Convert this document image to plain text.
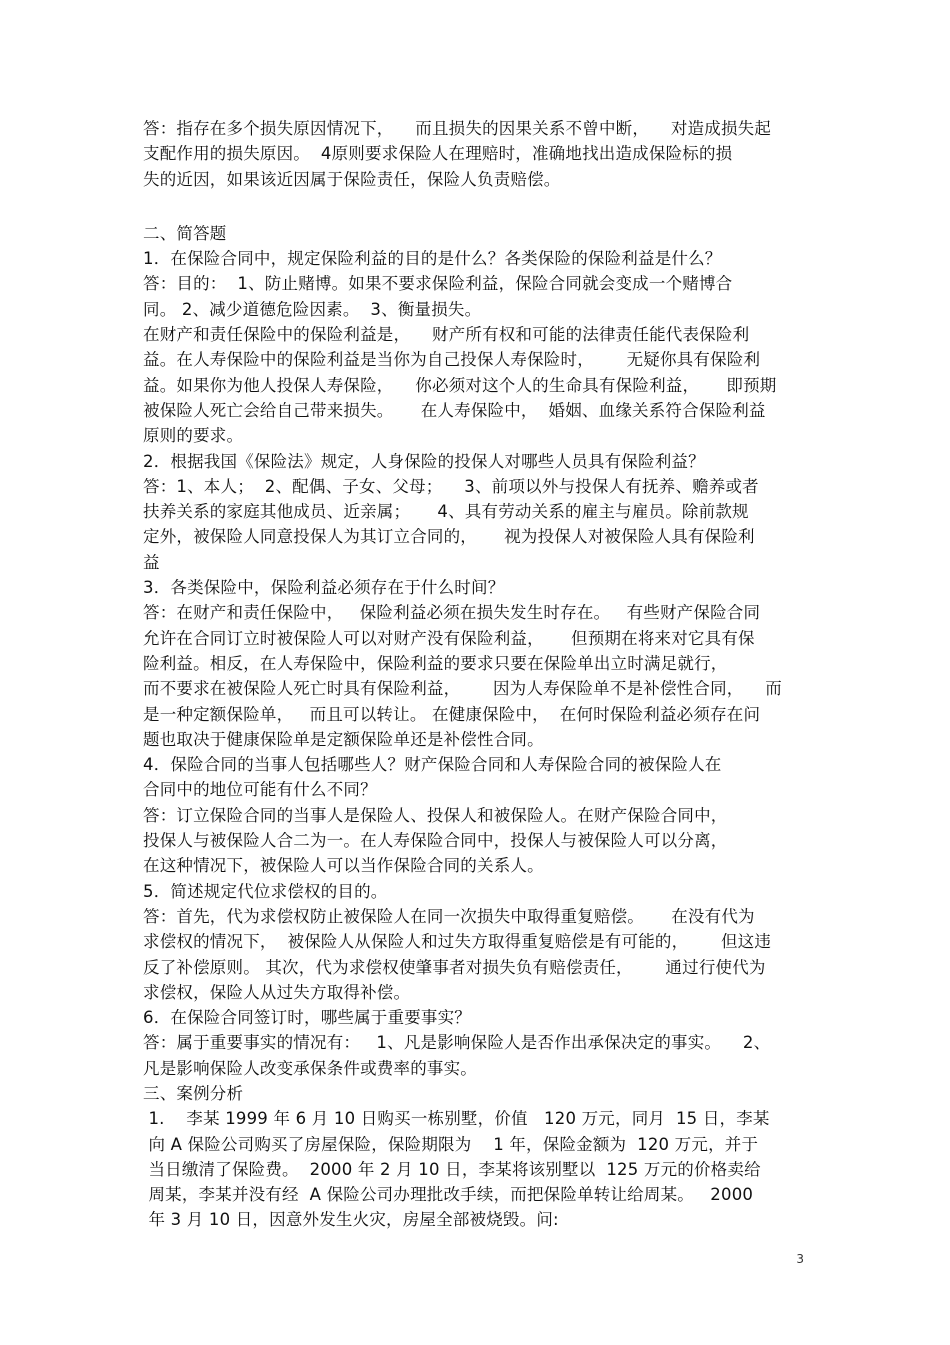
答：指存在多个损失原因情况下，    而且损失的因果关系不曾中断，    对造成损失起
支配作用的损失原因。  4原则要求保险人在理赔时，准确地找出造成保险标的损
失的近因，如果该近因属于保险责任，保险人负责赔偿。
二、简答题
1．在保险合同中，规定保险利益的目的是什么？各类保险的保险利益是什么？
答：目的：  1、防止赌博。如果不要求保险利益，保险合同就会变成一个赌博合
同。 2、减少道德危险因素。  3、衡量损失。
在财产和责任保险中的保险利益是，    财产所有权和可能的法律责任能代表保险利
益。在人寿保险中的保险利益是当你为自己投保人寿保险时，      无疑你具有保险利
益。如果你为他人投保人寿保险，    你必须对这个人的生命具有保险利益，     即预期
被保险人死亡会给自己带来损失。     在人寿保险中，  婚姻、血缘关系符合保险利益
原则的要求。
2．根据我国《保险法》规定，人身保险的投保人对哪些人员具有保险利益？
答：1、本人；  2、配偶、子女、父母；    3、前项以外与投保人有抚养、赡养或者
扶养关系的家庭其他成员、近亲属；     4、具有劳动关系的雇主与雇员。除前款规
定外，被保险人同意投保人为其订立合同的，     视为投保人对被保险人具有保险利
益
3．各类保险中，保险利益必须存在于什么时间？
答：在财产和责任保险中，   保险利益必须在损失发生时存在。   有些财产保险合同
允许在合同订立时被保险人可以对财产没有保险利益，     但预期在将来对它具有保
险利益。相反，在人寿保险中，保险利益的要求只要在保险单出立时满足就行，
而不要求在被保险人死亡时具有保险利益，      因为人寿保险单不是补偿性合同，    而
是一种定额保险单，   而且可以转让。 在健康保险中，  在何时保险利益必须存在问
题也取决于健康保险单是定额保险单还是补偿性合同。
4．保险合同的当事人包括哪些人？财产保险合同和人寿保险合同的被保险人在
合同中的地位可能有什么不同？
答：订立保险合同的当事人是保险人、投保人和被保险人。在财产保险合同中，
投保人与被保险人合二为一。在人寿保险合同中，投保人与被保险人可以分离，
在这种情况下，被保险人可以当作保险合同的关系人。
5．简述规定代位求偿权的目的。
答：首先，代为求偿权防止被保险人在同一次损失中取得重复赔偿。     在没有代为
求偿权的情况下，  被保险人从保险人和过失方取得重复赔偿是有可能的，      但这违
反了补偿原则。 其次，代为求偿权使肇事者对损失负有赔偿责任，      通过行使代为
求偿权，保险人从过失方取得补偿。
6．在保险合同签订时，哪些属于重要事实？
答：属于重要事实的情况有：   1、凡是影响保险人是否作出承保决定的事实。    2、
凡是影响保险人改变承保条件或费率的事实。
三、案例分析
1.    李某 1999 年 6 月 10 日购买一栋别墅，价值   120 万元，同月  15 日，李某
向 A 保险公司购买了房屋保险，保险期限为    1 年，保险金额为  120 万元，并于
当日缴清了保险费。  2000 年 2 月 10 日，李某将该别墅以  125 万元的价格卖给
周某，李某并没有经  A 保险公司办理批改手续，而把保险单转让给周某。   2000
年 3 月 10 日，因意外发生火灾，房屋全部被烧毁。问:
3
